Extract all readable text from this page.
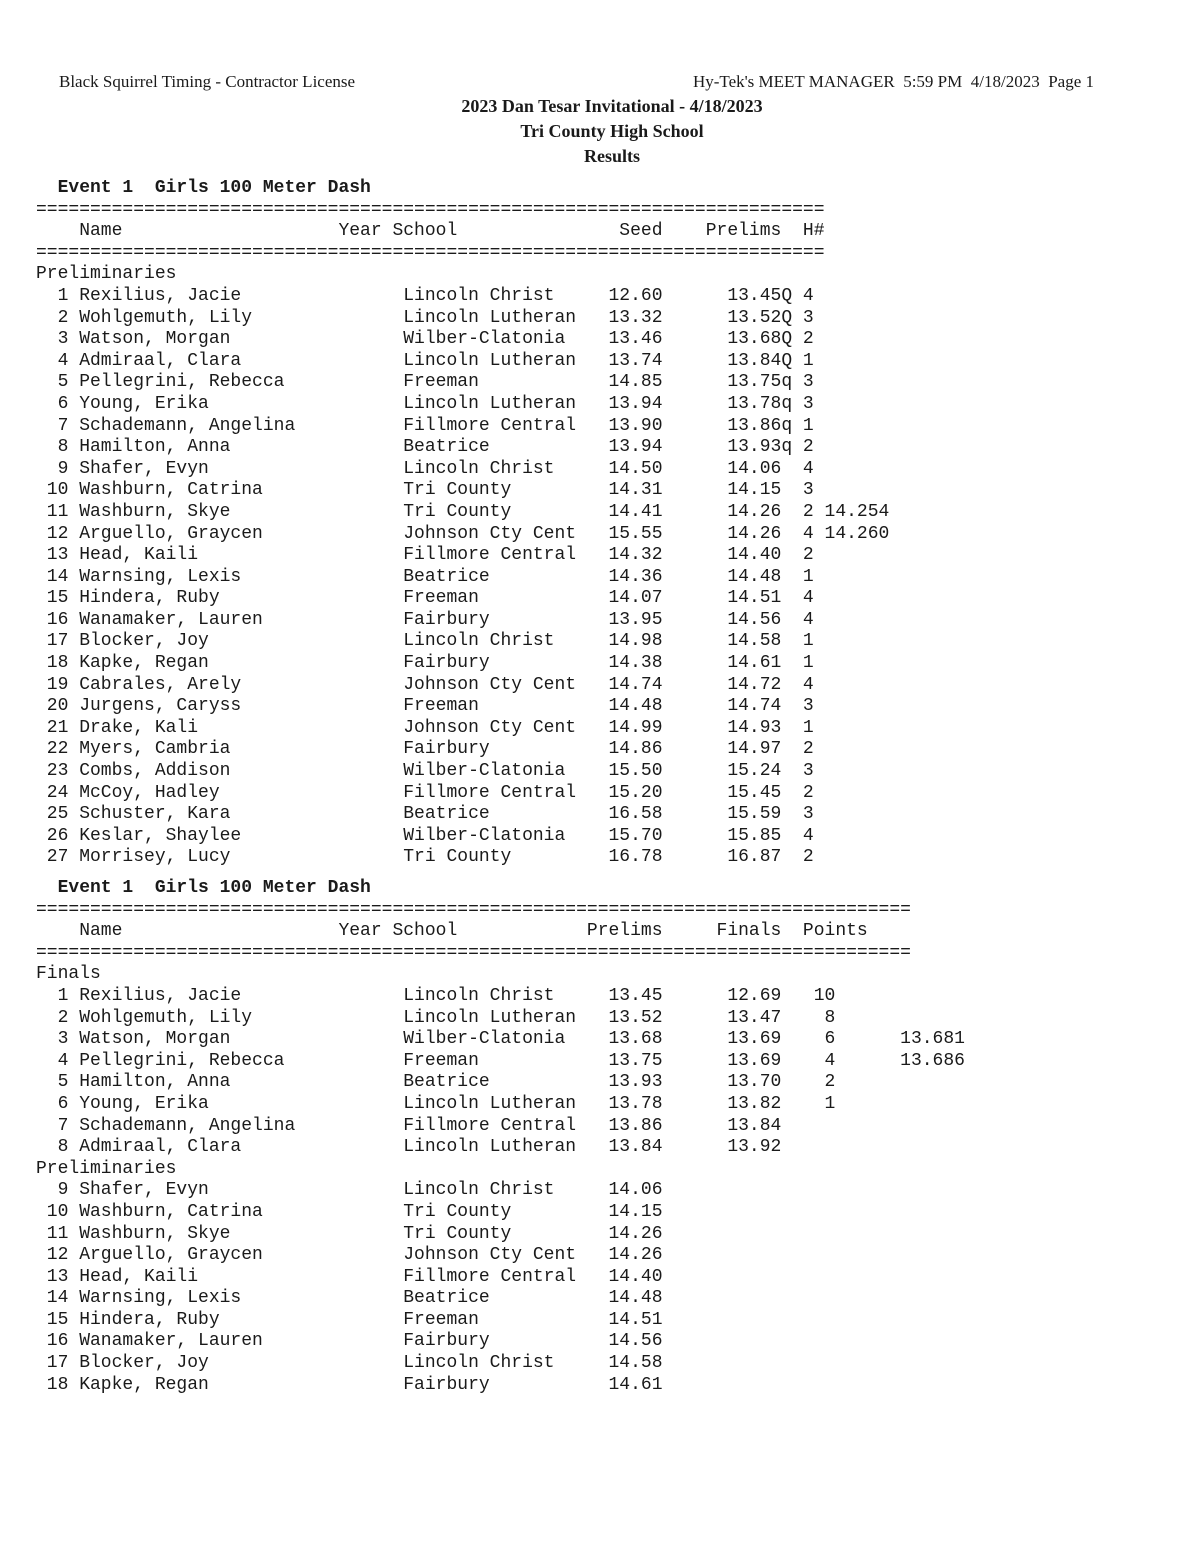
Black Squirrel Timing - Contractor License	Hy-Tek's MEET MANAGER  5:59 PM  4/18/2023  Page 1
2023 Dan Tesar Invitational - 4/18/2023
Tri County High School
Results
Event 1  Girls 100 Meter Dash
=========================================================================
Name                    Year School               Seed    Prelims  H#
=========================================================================
Preliminaries
1 Rexilius, Jacie               Lincoln Christ     12.60      13.45Q 4
2 Wohlgemuth, Lily              Lincoln Lutheran   13.32      13.52Q 3
3 Watson, Morgan                Wilber-Clatonia    13.46      13.68Q 2
4 Admiraal, Clara               Lincoln Lutheran   13.74      13.84Q 1
5 Pellegrini, Rebecca           Freeman            14.85      13.75q 3
6 Young, Erika                  Lincoln Lutheran   13.94      13.78q 3
7 Schademann, Angelina          Fillmore Central   13.90      13.86q 1
8 Hamilton, Anna                Beatrice           13.94      13.93q 2
9 Shafer, Evyn                  Lincoln Christ     14.50      14.06  4
10 Washburn, Catrina             Tri County         14.31      14.15  3
11 Washburn, Skye                Tri County         14.41      14.26  2 14.254
12 Arguello, Graycen             Johnson Cty Cent   15.55      14.26  4 14.260
13 Head, Kaili                   Fillmore Central   14.32      14.40  2
14 Warnsing, Lexis               Beatrice           14.36      14.48  1
15 Hindera, Ruby                 Freeman            14.07      14.51  4
16 Wanamaker, Lauren             Fairbury           13.95      14.56  4
17 Blocker, Joy                  Lincoln Christ     14.98      14.58  1
18 Kapke, Regan                  Fairbury           14.38      14.61  1
19 Cabrales, Arely               Johnson Cty Cent   14.74      14.72  4
20 Jurgens, Caryss               Freeman            14.48      14.74  3
21 Drake, Kali                   Johnson Cty Cent   14.99      14.93  1
22 Myers, Cambria                Fairbury           14.86      14.97  2
23 Combs, Addison                Wilber-Clatonia    15.50      15.24  3
24 McCoy, Hadley                 Fillmore Central   15.20      15.45  2
25 Schuster, Kara                Beatrice           16.58      15.59  3
26 Keslar, Shaylee               Wilber-Clatonia    15.70      15.85  4
27 Morrisey, Lucy                Tri County         16.78      16.87  2
Event 1  Girls 100 Meter Dash
=================================================================================
Name                    Year School            Prelims     Finals  Points
=================================================================================
Finals
1 Rexilius, Jacie               Lincoln Christ     13.45      12.69   10
2 Wohlgemuth, Lily              Lincoln Lutheran   13.52      13.47    8
3 Watson, Morgan                Wilber-Clatonia    13.68      13.69    6      13.681
4 Pellegrini, Rebecca           Freeman            13.75      13.69    4      13.686
5 Hamilton, Anna                Beatrice           13.93      13.70    2
6 Young, Erika                  Lincoln Lutheran   13.78      13.82    1
7 Schademann, Angelina          Fillmore Central   13.86      13.84
8 Admiraal, Clara               Lincoln Lutheran   13.84      13.92
Preliminaries
9 Shafer, Evyn                  Lincoln Christ     14.06
10 Washburn, Catrina             Tri County         14.15
11 Washburn, Skye                Tri County         14.26
12 Arguello, Graycen             Johnson Cty Cent   14.26
13 Head, Kaili                   Fillmore Central   14.40
14 Warnsing, Lexis               Beatrice           14.48
15 Hindera, Ruby                 Freeman            14.51
16 Wanamaker, Lauren             Fairbury           14.56
17 Blocker, Joy                  Lincoln Christ     14.58
18 Kapke, Regan                  Fairbury           14.61
